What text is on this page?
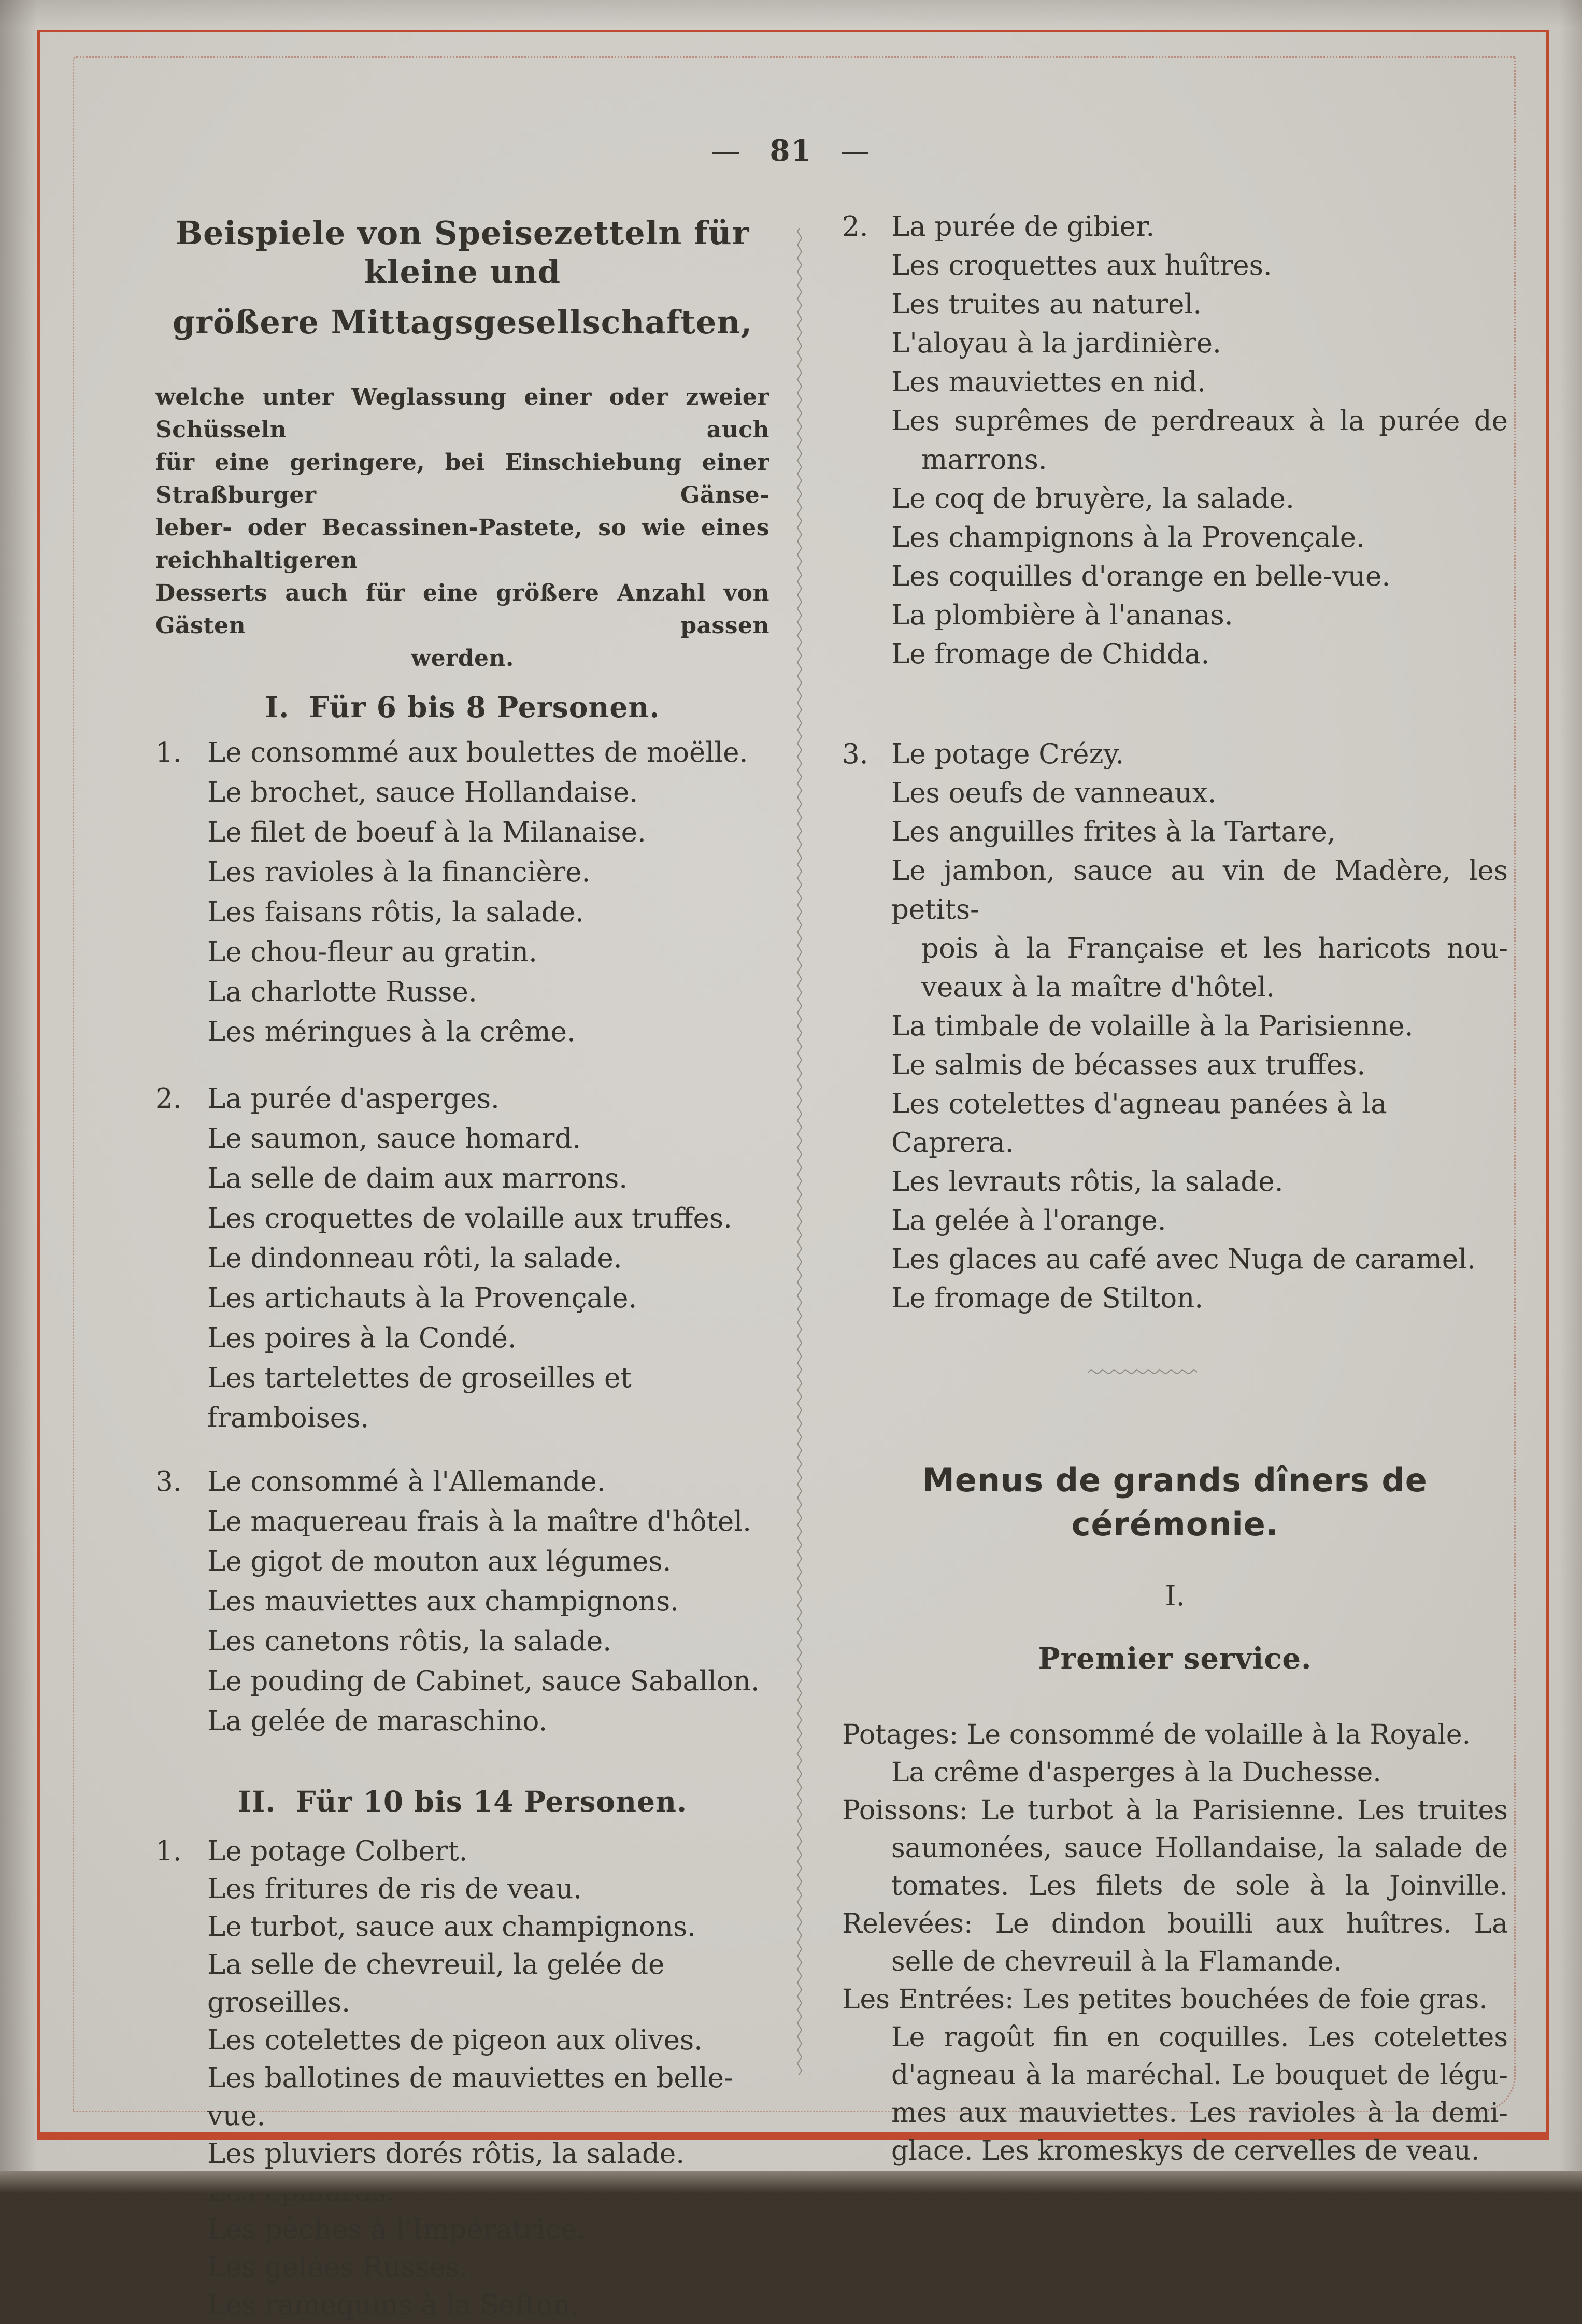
— 81 —
Beispiele von Speisezetteln für kleine und
größere Mittagsgesellschaften,
welche unter Weglassung einer oder zweier Schüsseln auch
für eine geringere, bei Einschiebung einer Straßburger Gänse-
leber- oder Becassinen-Pastete, so wie eines reichhaltigeren
Desserts auch für eine größere Anzahl von Gästen passen
werden.
I. Für 6 bis 8 Personen.
1. Le consommé aux boulettes de moëlle.
Le brochet, sauce Hollandaise.
Le filet de boeuf à la Milanaise.
Les ravioles à la financière.
Les faisans rôtis, la salade.
Le chou-fleur au gratin.
La charlotte Russe.
Les méringues à la crême.
2. La purée d'asperges.
Le saumon, sauce homard.
La selle de daim aux marrons.
Les croquettes de volaille aux truffes.
Le dindonneau rôti, la salade.
Les artichauts à la Provençale.
Les poires à la Condé.
Les tartelettes de groseilles et framboises.
3. Le consommé à l'Allemande.
Le maquereau frais à la maître d'hôtel.
Le gigot de mouton aux légumes.
Les mauviettes aux champignons.
Les canetons rôtis, la salade.
Le pouding de Cabinet, sauce Saballon.
La gelée de maraschino.
II. Für 10 bis 14 Personen.
1. Le potage Colbert.
Les fritures de ris de veau.
Le turbot, sauce aux champignons.
La selle de chevreuil, la gelée de groseilles.
Les cotelettes de pigeon aux olives.
Les ballotines de mauviettes en belle-vue.
Les pluviers dorés rôtis, la salade.
Les pêches à l'Impératrice.
Les gelées Russes.
Les ramequins à la Sefton.
2. La purée de gibier.
Les croquettes aux huîtres.
Les truites au naturel.
L'aloyau à la jardinière.
Les mauviettes en nid.
Les suprêmes de perdreaux à la purée de
marrons.
Le coq de bruyère, la salade.
Les champignons à la Provençale.
Les coquilles d'orange en belle-vue.
La plombière à l'ananas.
Le fromage de Chidda.
3. Le potage Crézy.
Les oeufs de vanneaux.
Les anguilles frites à la Tartare,
Le jambon, sauce au vin de Madère, les petits-
pois à la Française et les haricots nou-
veaux à la maître d'hôtel.
La timbale de volaille à la Parisienne.
Le salmis de bécasses aux truffes.
Les cotelettes d'agneau panées à la Caprera.
Les levrauts rôtis, la salade.
La gelée à l'orange.
Les glaces au café avec Nuga de caramel.
Le fromage de Stilton.
Menus de grands dîners de cérémonie.
I.
Premier service.
Potages: Le consommé de volaille à la Royale.
La crême d'asperges à la Duchesse.
Poissons: Le turbot à la Parisienne. Les truites
saumonées, sauce Hollandaise, la salade de
tomates. Les filets de sole à la Joinville.
Relevées: Le dindon bouilli aux huîtres. La
selle de chevreuil à la Flamande.
Les Entrées: Les petites bouchées de foie gras.
Le ragoût fin en coquilles. Les cotelettes
d'agneau à la maréchal. Le bouquet de légu-
mes aux mauviettes. Les ravioles à la demi-
glace. Les kromeskys de cervelles de veau.
